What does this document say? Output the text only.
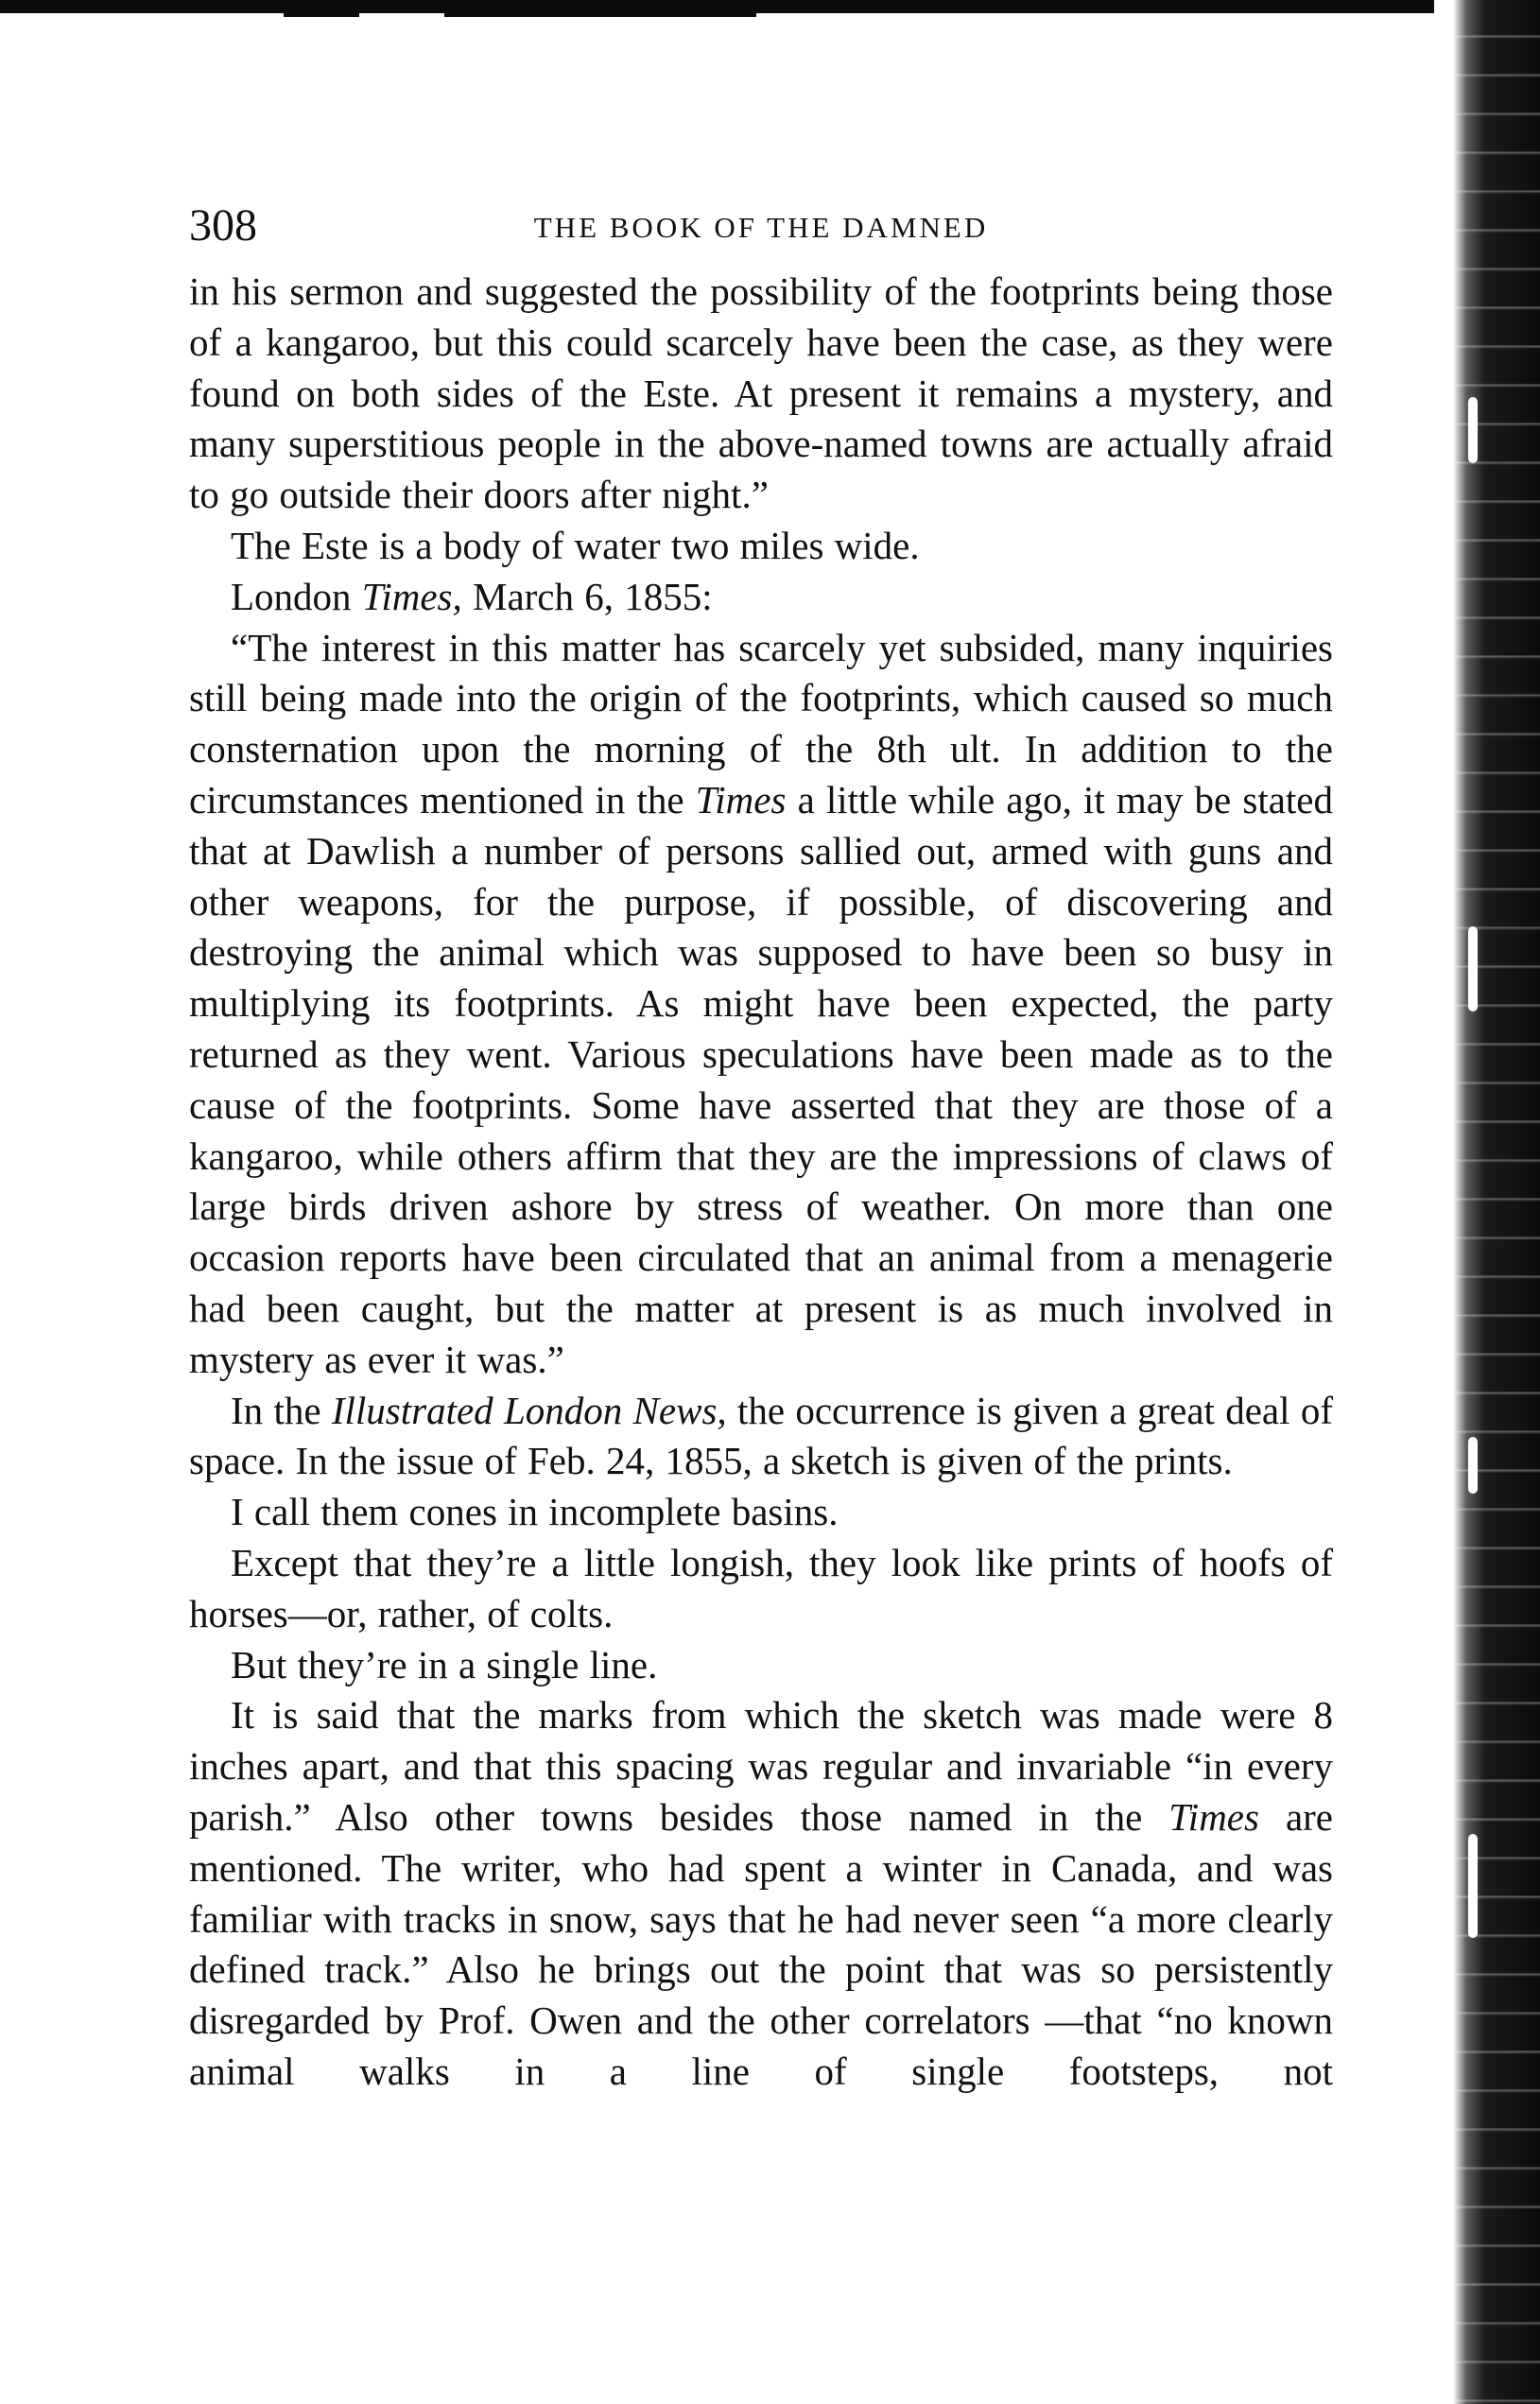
308	THE BOOK OF THE DAMNED

in his sermon and suggested the possibility of the footprints being those of a kangaroo, but this could scarcely have been the case, as they were found on both sides of the Este. At present it remains a mystery, and many superstitious people in the above-named towns are actually afraid to go outside their doors after night.”

The Este is a body of water two miles wide.

London Times, March 6, 1855:

“The interest in this matter has scarcely yet subsided, many inquiries still being made into the origin of the footprints, which caused so much consternation upon the morning of the 8th ult. In addition to the circumstances mentioned in the Times a little while ago, it may be stated that at Dawlish a number of persons sallied out, armed with guns and other weapons, for the purpose, if possible, of discovering and destroying the animal which was supposed to have been so busy in multiplying its footprints. As might have been expected, the party returned as they went. Various speculations have been made as to the cause of the footprints. Some have asserted that they are those of a kangaroo, while others affirm that they are the impressions of claws of large birds driven ashore by stress of weather. On more than one occasion reports have been circulated that an animal from a menagerie had been caught, but the matter at present is as much involved in mystery as ever it was.”

In the Illustrated London News, the occurrence is given a great deal of space. In the issue of Feb. 24, 1855, a sketch is given of the prints.

I call them cones in incomplete basins.

Except that they’re a little longish, they look like prints of hoofs of horses—or, rather, of colts.

But they’re in a single line.

It is said that the marks from which the sketch was made were 8 inches apart, and that this spacing was regular and invariable “in every parish.” Also other towns besides those named in the Times are mentioned. The writer, who had spent a winter in Canada, and was familiar with tracks in snow, says that he had never seen “a more clearly defined track.” Also he brings out the point that was so persistently disregarded by Prof. Owen and the other correlators —that “no known animal walks in a line of single footsteps, not
